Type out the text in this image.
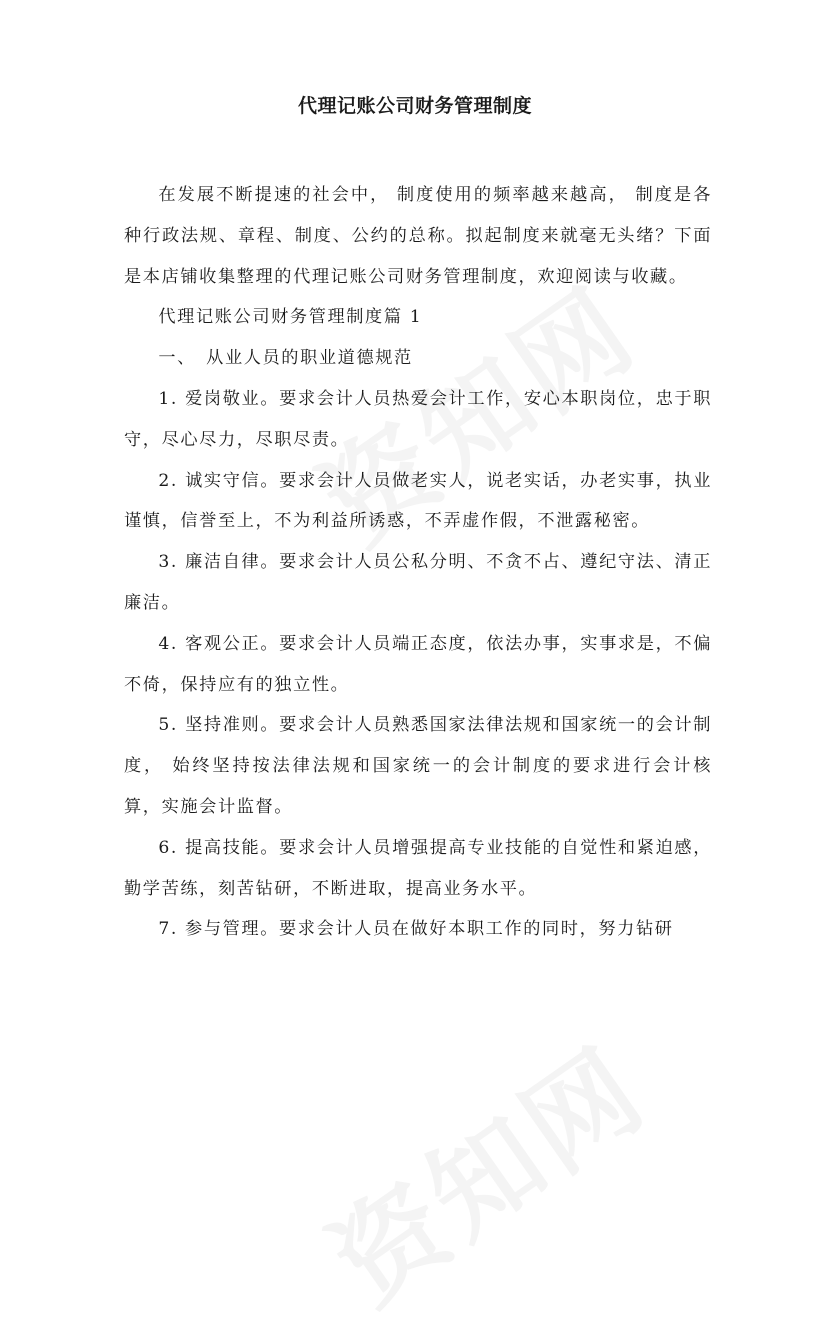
代理记账公司财务管理制度

在发展不断提速的社会中， 制度使用的频率越来越高， 制度是各种行政法规、章程、制度、公约的总称。拟起制度来就毫无头绪？下面是本店铺收集整理的代理记账公司财务管理制度，欢迎阅读与收藏。

代理记账公司财务管理制度篇 1

一、　从业人员的职业道德规范

1. 爱岗敬业。要求会计人员热爱会计工作，安心本职岗位，忠于职守，尽心尽力，尽职尽责。

2. 诚实守信。要求会计人员做老实人，说老实话，办老实事，执业谨慎，信誉至上，不为利益所诱惑，不弄虚作假，不泄露秘密。

3. 廉洁自律。要求会计人员公私分明、不贪不占、遵纪守法、清正廉洁。

4. 客观公正。要求会计人员端正态度，依法办事，实事求是，不偏不倚，保持应有的独立性。

5. 坚持准则。要求会计人员熟悉国家法律法规和国家统一的会计制度， 始终坚持按法律法规和国家统一的会计制度的要求进行会计核算，实施会计监督。

6. 提高技能。要求会计人员增强提高专业技能的自觉性和紧迫感，勤学苦练，刻苦钻研，不断进取，提高业务水平。

7. 参与管理。要求会计人员在做好本职工作的同时，努力钻研
